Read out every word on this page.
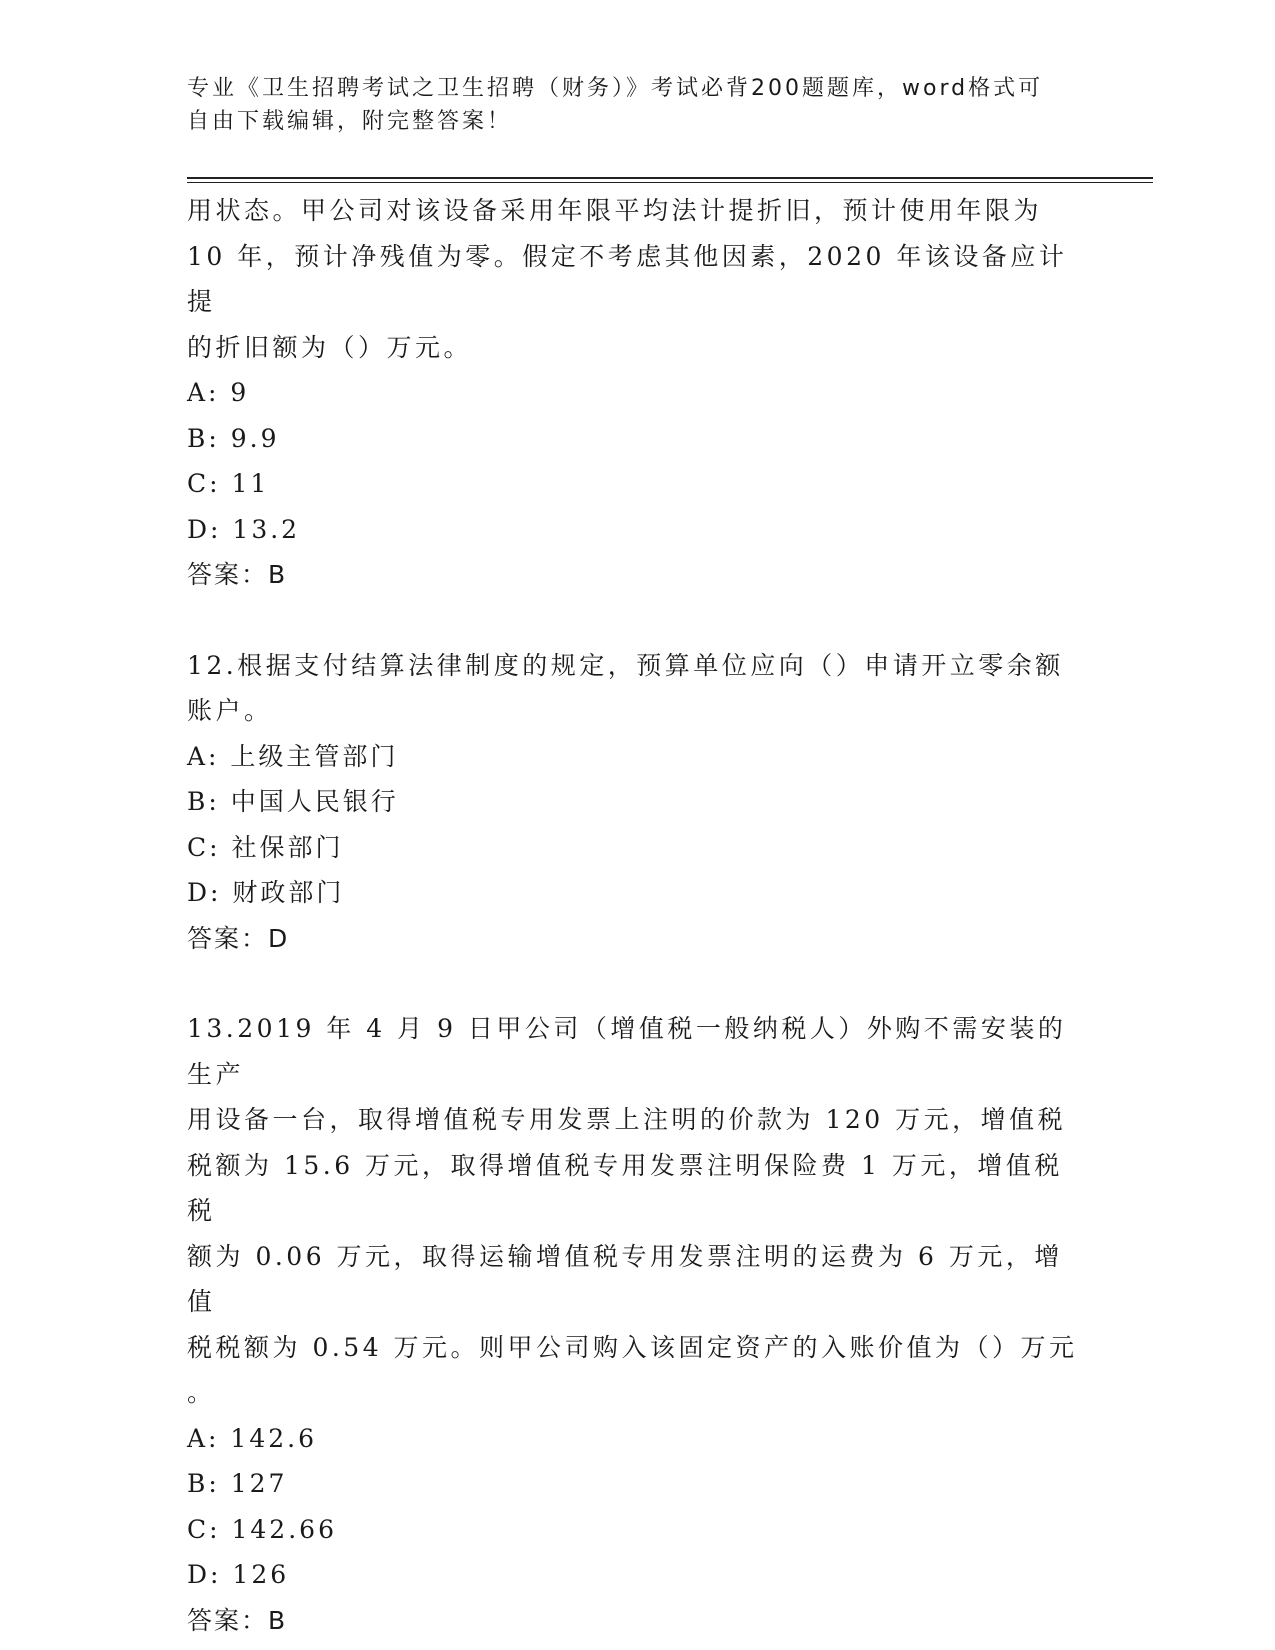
专业《卫生招聘考试之卫生招聘（财务）》考试必背200题题库，word格式可自由下载编辑，附完整答案！

用状态。甲公司对该设备采用年限平均法计提折旧，预计使用年限为

10 年，预计净残值为零。假定不考虑其他因素，2020 年该设备应计提

的折旧额为（）万元。

A: 9

B: 9.9

C: 11

D: 13.2

答案：B

12.根据支付结算法律制度的规定，预算单位应向（）申请开立零余额

账户。

A: 上级主管部门

B: 中国人民银行

C: 社保部门

D: 财政部门

答案：D

13.2019 年 4 月 9 日甲公司（增值税一般纳税人）外购不需安装的生产

用设备一台，取得增值税专用发票上注明的价款为 120 万元，增值税

税额为 15.6 万元，取得增值税专用发票注明保险费 1 万元，增值税税

额为 0.06 万元，取得运输增值税专用发票注明的运费为 6 万元，增值

税税额为 0.54 万元。则甲公司购入该固定资产的入账价值为（）万元

。

A: 142.6

B: 127

C: 142.66

D: 126

答案：B
